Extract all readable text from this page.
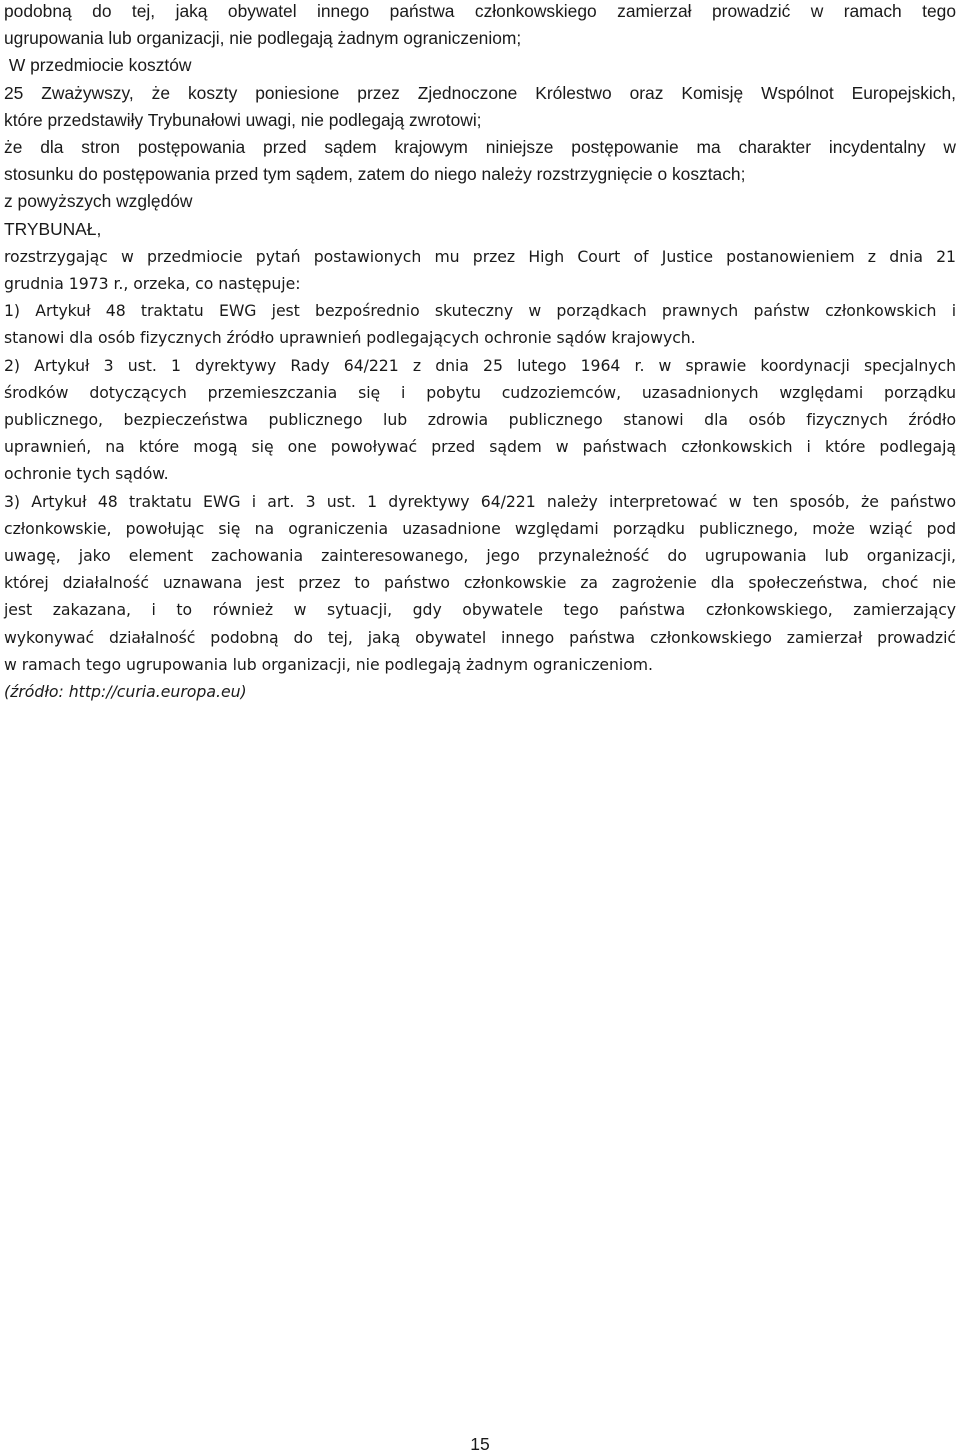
podobną do tej, jaką obywatel innego państwa członkowskiego zamierzał prowadzić w ramach tego
ugrupowania lub organizacji, nie podlegają żadnym ograniczeniom;
W przedmiocie kosztów
25 Zważywszy, że koszty poniesione przez Zjednoczone Królestwo oraz Komisję Wspólnot Europejskich,
które przedstawiły Trybunałowi uwagi, nie podlegają zwrotowi;
że dla stron postępowania przed sądem krajowym niniejsze postępowanie ma charakter incydentalny w
stosunku do postępowania przed tym sądem, zatem do niego należy rozstrzygnięcie o kosztach;
z powyższych względów
TRYBUNAŁ,
rozstrzygając w przedmiocie pytań postawionych mu przez High Court of Justice postanowieniem z dnia 21
grudnia 1973 r., orzeka, co następuje:
1) Artykuł 48 traktatu EWG jest bezpośrednio skuteczny w porządkach prawnych państw członkowskich i
stanowi dla osób fizycznych źródło uprawnień podlegających ochronie sądów krajowych.
2) Artykuł 3 ust. 1 dyrektywy Rady 64/221 z dnia 25 lutego 1964 r. w sprawie koordynacji specjalnych
środków dotyczących przemieszczania się i pobytu cudzoziemców, uzasadnionych względami porządku
publicznego, bezpieczeństwa publicznego lub zdrowia publicznego stanowi dla osób fizycznych źródło
uprawnień, na które mogą się one powoływać przed sądem w państwach członkowskich i które podlegają
ochronie tych sądów.
3) Artykuł 48 traktatu EWG i art. 3 ust. 1 dyrektywy 64/221 należy interpretować w ten sposób, że państwo
członkowskie, powołując się na ograniczenia uzasadnione względami porządku publicznego, może wziąć pod
uwagę, jako element zachowania zainteresowanego, jego przynależność do ugrupowania lub organizacji,
której działalność uznawana jest przez to państwo członkowskie za zagrożenie dla społeczeństwa, choć nie
jest zakazana, i to również w sytuacji, gdy obywatele tego państwa członkowskiego, zamierzający
wykonywać działalność podobną do tej, jaką obywatel innego państwa członkowskiego zamierzał prowadzić
w ramach tego ugrupowania lub organizacji, nie podlegają żadnym ograniczeniom.
(źródło: http://curia.europa.eu)
15
